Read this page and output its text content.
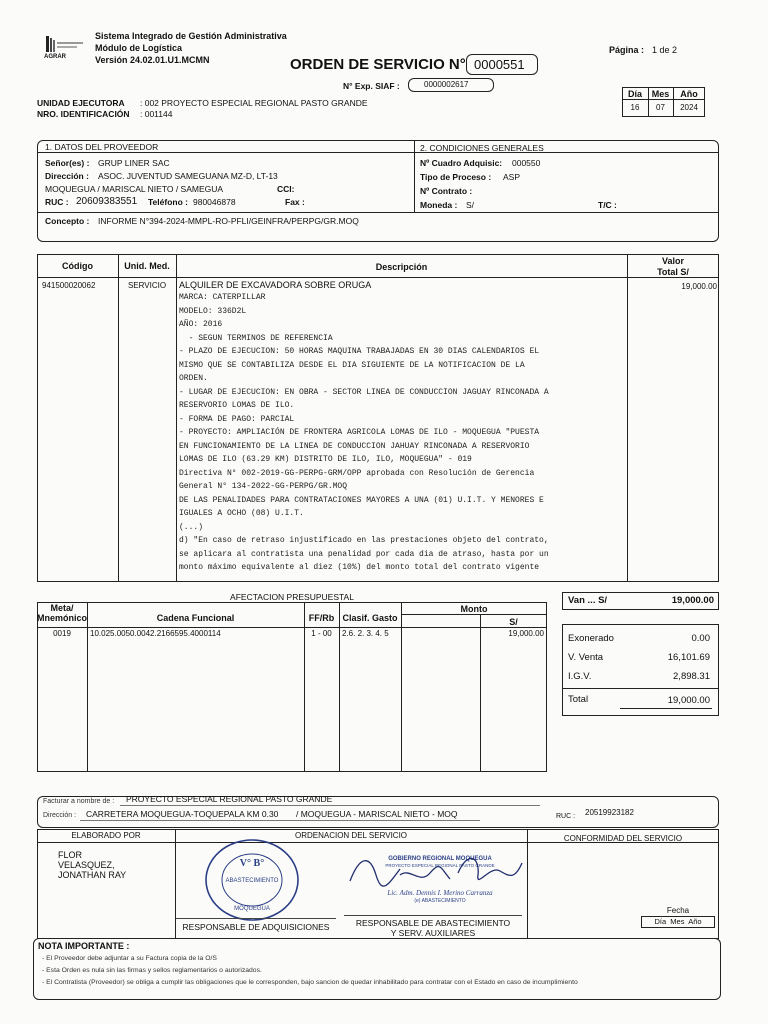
AGRAR
Sistema Integrado de Gestión Administrativa
Módulo de Logística
Versión 24.02.01.U1.MCMN
Página : 1 de 2
ORDEN DE SERVICIO N° 0000551
N° Exp. SIAF :	0000002617
Día	Mes	Año
16	07	2024
UNIDAD EJECUTORA : 002 PROYECTO ESPECIAL REGIONAL PASTO GRANDE
NRO. IDENTIFICACIÓN : 001144
1. DATOS DEL PROVEEDOR	2. CONDICIONES GENERALES
Señor(es) : GRUP LINER SAC
Dirección : ASOC. JUVENTUD SAMEGUANA MZ-D, LT-13
MOQUEGUA / MARISCAL NIETO / SAMEGUA	CCI:
RUC : 20609383551 Teléfono : 980046878	Fax :
Nº Cuadro Adquisic: 000550
Tipo de Proceso : ASP
Nº Contrato :
Moneda : S/	T/C :
Concepto : INFORME N°394-2024-MMPL-RO-PFLI/GEINFRA/PERPG/GR.MOQ
Código	Unid. Med.	Descripción
Valor
Total S/
941500020062	SERVICIO	ALQUILER DE EXCAVADORA SOBRE ORUGA	19,000.00
MARCA: CATERPILLAR
MODELO: 336D2L
AÑO: 2016
- SEGUN TERMINOS DE REFERENCIA
- PLAZO DE EJECUCION: 50 HORAS MAQUINA TRABAJADAS EN 30 DIAS CALENDARIOS EL
MISMO QUE SE CONTABILIZA DESDE EL DIA SIGUIENTE DE LA NOTIFICACION DE LA
ORDEN.
- LUGAR DE EJECUCION: EN OBRA - SECTOR LINEA DE CONDUCCION JAGUAY RINCONADA A
RESERVORIO LOMAS DE ILO.
- FORMA DE PAGO: PARCIAL
- PROYECTO: AMPLIACIÓN DE FRONTERA AGRICOLA LOMAS DE ILO - MOQUEGUA "PUESTA
EN FUNCIONAMIENTO DE LA LINEA DE CONDUCCION JAHUAY RINCONADA A RESERVORIO
LOMAS DE ILO (63.29 KM) DISTRITO DE ILO, ILO, MOQUEGUA" - 019
Directiva N° 002-2019-GG-PERPG-GRM/OPP aprobada con Resolución de Gerencia
General N° 134-2022-GG-PERPG/GR.MOQ
DE LAS PENALIDADES PARA CONTRATACIONES MAYORES A UNA (01) U.I.T. Y MENORES E
IGUALES A OCHO (08) U.I.T.
(...)
d) "En caso de retraso injustificado en las prestaciones objeto del contrato,
se aplicara al contratista una penalidad por cada dia de atraso, hasta por un
monto máximo equivalente al diez (10%) del monto total del contrato vigente
AFECTACION PRESUPUESTAL
Meta/
Mnemónico	Cadena Funcional	FF/Rb Clasif. Gasto
Monto
S/
0019	10.025.0050.0042.2166595.4000114	1 - 00	2.6. 2. 3. 4. 5	19,000.00
Van ... S/	19,000.00
Exonerado	0.00
V. Venta	16,101.69
I.G.V.	2,898.31
Total	19,000.00
Facturar a nombre de : PROYECTO ESPECIAL REGIONAL PASTO GRANDE
Dirección : CARRETERA MOQUEGUA-TOQUEPALA KM 0.30 / MOQUEGUA - MARISCAL NIETO - MOQ	RUC : 20519923182
ELABORADO POR	ORDENACION DEL SERVICIO	CONFORMIDAD DEL SERVICIO
FLOR
VELASQUEZ,
JONATHAN RAY
V° B°
ABASTECIMIENTO
MOQUEGUA
GOBIERNO REGIONAL MOQUEGUA
PROYECTO ESPECIAL REGIONAL PASTO GRANDE
Lic. Adm. Dennis I. Merino Carranza
(e) ABASTECIMIENTO
RESPONSABLE DE ADQUISICIONES	RESPONSABLE DE ABASTECIMIENTO
Y SERV. AUXILIARES
Fecha
Día  Mes  Año
NOTA IMPORTANTE :
- El Proveedor debe adjuntar a su Factura copia de la O/S
- Esta Orden es nula sin las firmas y sellos reglamentarios o autorizados.
- El Contratista (Proveedor) se obliga a cumplir las obligaciones que le corresponden, bajo sancion de quedar inhabilitado para contratar con el Estado en caso de incumplimiento
